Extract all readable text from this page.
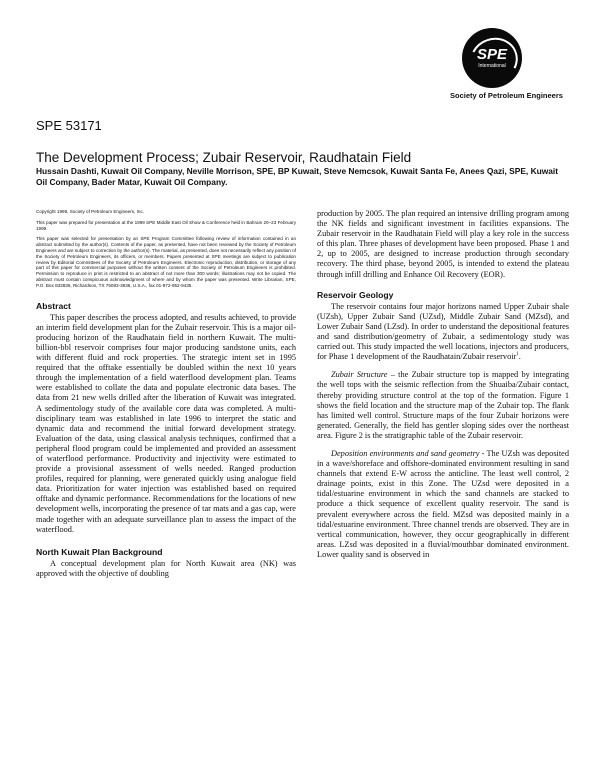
SPE
International
Society of Petroleum Engineers
SPE 53171
The Development Process; Zubair Reservoir, Raudhatain Field
Hussain Dashti, Kuwait Oil Company, Neville Morrison, SPE, BP Kuwait, Steve Nemcsok, Kuwait Santa Fe, Anees Qazi, SPE, Kuwait Oil Company, Bader Matar, Kuwait Oil Company.

Copyright 1999, Society of Petroleum Engineers, Inc.

This paper was prepared for presentation at the 1999 SPE Middle East Oil Show & Conference held in Bahrain 20–23 February 1999.

This paper was selected for presentation by an SPE Program Committee following review of information contained in an abstract submitted by the author(s). Contents of the paper, as presented, have not been reviewed by the Society of Petroleum Engineers and are subject to correction by the author(s). The material, as presented, does not necessarily reflect any position of the Society of Petroleum Engineers, its officers, or members. Papers presented at SPE meetings are subject to publication review by Editorial Committees of the Society of Petroleum Engineers. Electronic reproduction, distribution, or storage of any part of this paper for commercial purposes without the written consent of the Society of Petroleum Engineers is prohibited. Permission to reproduce in print is restricted to an abstract of not more than 300 words; illustrations may not be copied. The abstract must contain conspicuous acknowledgment of where and by whom the paper was presented. Write Librarian, SPE, P.O. Box 833836, Richardson, TX 75083-3836, U.S.A., fax 01-972-952-9435.

Abstract

This paper describes the process adopted, and results achieved, to provide an interim field development plan for the Zubair reservoir. This is a major oil-producing horizon of the Raudhatain field in northern Kuwait. The multi-billion-bbl reservoir comprises four major producing sandstone units, each with different fluid and rock properties. The strategic intent set in 1995 required that the offtake essentially be doubled within the next 10 years through the implementation of a field waterflood development plan. Teams were established to collate the data and populate electronic data bases. The data from 21 new wells drilled after the liberation of Kuwait was integrated. A sedimentology study of the available core data was completed. A multi-disciplinary team was established in late 1996 to interpret the static and dynamic data and recommend the initial forward development strategy. Evaluation of the data, using classical analysis techniques, confirmed that a peripheral flood program could be implemented and provided an assessment of waterflood performance. Productivity and injectivity were estimated to provide a provisional assessment of wells needed. Ranged production profiles, required for planning, were generated quickly using analogue field data. Prioritization for water injection was established based on required offtake and dynamic performance. Recommendations for the locations of new development wells, incorporating the presence of tar mats and a gas cap, were made together with an adequate surveillance plan to assess the impact of the waterflood.

North Kuwait Plan Background

A conceptual development plan for North Kuwait area (NK) was approved with the objective of doubling

production by 2005. The plan required an intensive drilling program among the NK fields and significant investment in facilities expansions. The Zubair reservoir in the Raudhatain Field will play a key role in the success of this plan. Three phases of development have been proposed. Phase 1 and 2, up to 2005, are designed to increase production through secondary recovery. The third phase, beyond 2005, is intended to extend the plateau through infill drilling and Enhance Oil Recovery (EOR).

Reservoir Geology

The reservoir contains four major horizons named Upper Zubair shale (UZsh), Upper Zubair Sand (UZsd), Middle Zubair Sand (MZsd), and Lower Zubair Sand (LZsd). In order to understand the depositional features and sand distribution/geometry of Zubair, a sedimentology study was carried out. This study impacted the well locations, injectors and producers, for Phase 1 development of the Raudhatain/Zubair reservoir$^1$.

Zubair Structure – the Zubair structure top is mapped by integrating the well tops with the seismic reflection from the Shuaiba/Zubair contact, thereby providing structure control at the top of the formation. Figure 1 shows the field location and the structure map of the Zubair top. The flank has limited well control. Structure maps of the four Zubair horizons were generated. Generally, the field has gentler sloping sides over the northeast area. Figure 2 is the stratigraphic table of the Zubair reservoir.

Deposition environments and sand geometry - The UZsh was deposited in a wave/shoreface and offshore-dominated environment resulting in sand channels that extend E-W across the anticline. The least well control, 2 drainage points, exist in this Zone. The UZsd were deposited in a tidal/estuarine environment in which the sand channels are stacked to produce a thick sequence of excellent quality reservoir. The sand is prevalent everywhere across the field. MZsd was deposited mainly in a tidal/estuarine environment. Three channel trends are observed. They are in vertical communication, however, they occur geographically in different areas. LZsd was deposited in a fluvial/mouthbar dominated environment. Lower quality sand is observed in
